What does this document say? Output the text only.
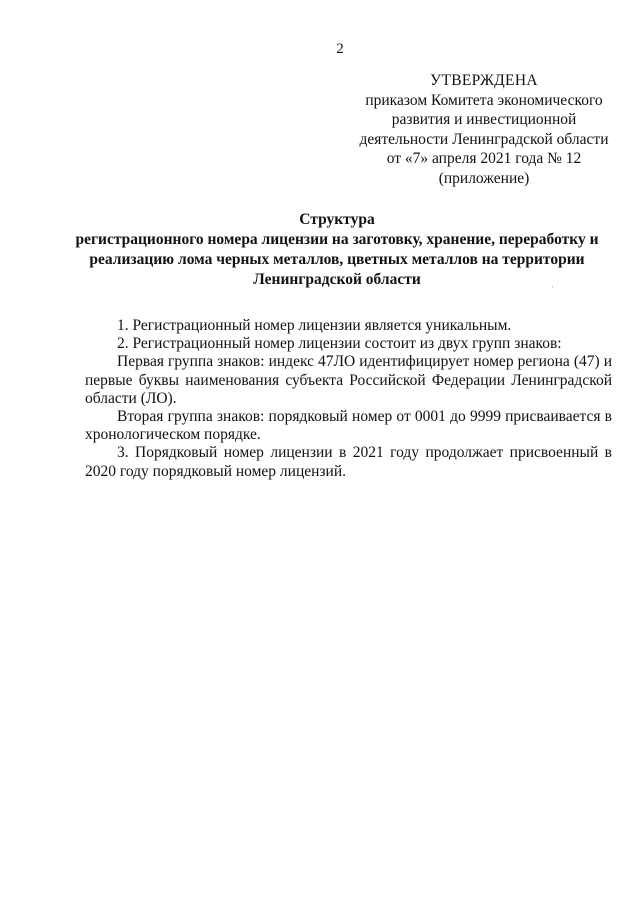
2
УТВЕРЖДЕНА
приказом Комитета экономического
развития и инвестиционной
деятельности Ленинградской области
от «7» апреля 2021 года № 12
(приложение)
Структура
регистрационного номера лицензии на заготовку, хранение, переработку и
реализацию лома черных металлов, цветных металлов на территории
Ленинградской области
’

1. Регистрационный номер лицензии является уникальным.

2. Регистрационный номер лицензии состоит из двух групп знаков:

Первая группа знаков: индекс 47ЛО идентифицирует номер региона (47) и первые буквы наименования субъекта Российской Федерации Ленинградской области (ЛО).

Вторая группа знаков: порядковый номер от 0001 до 9999 присваивается в хронологическом порядке.

3. Порядковый номер лицензии в 2021 году продолжает присвоенный в 2020 году порядковый номер лицензий.
